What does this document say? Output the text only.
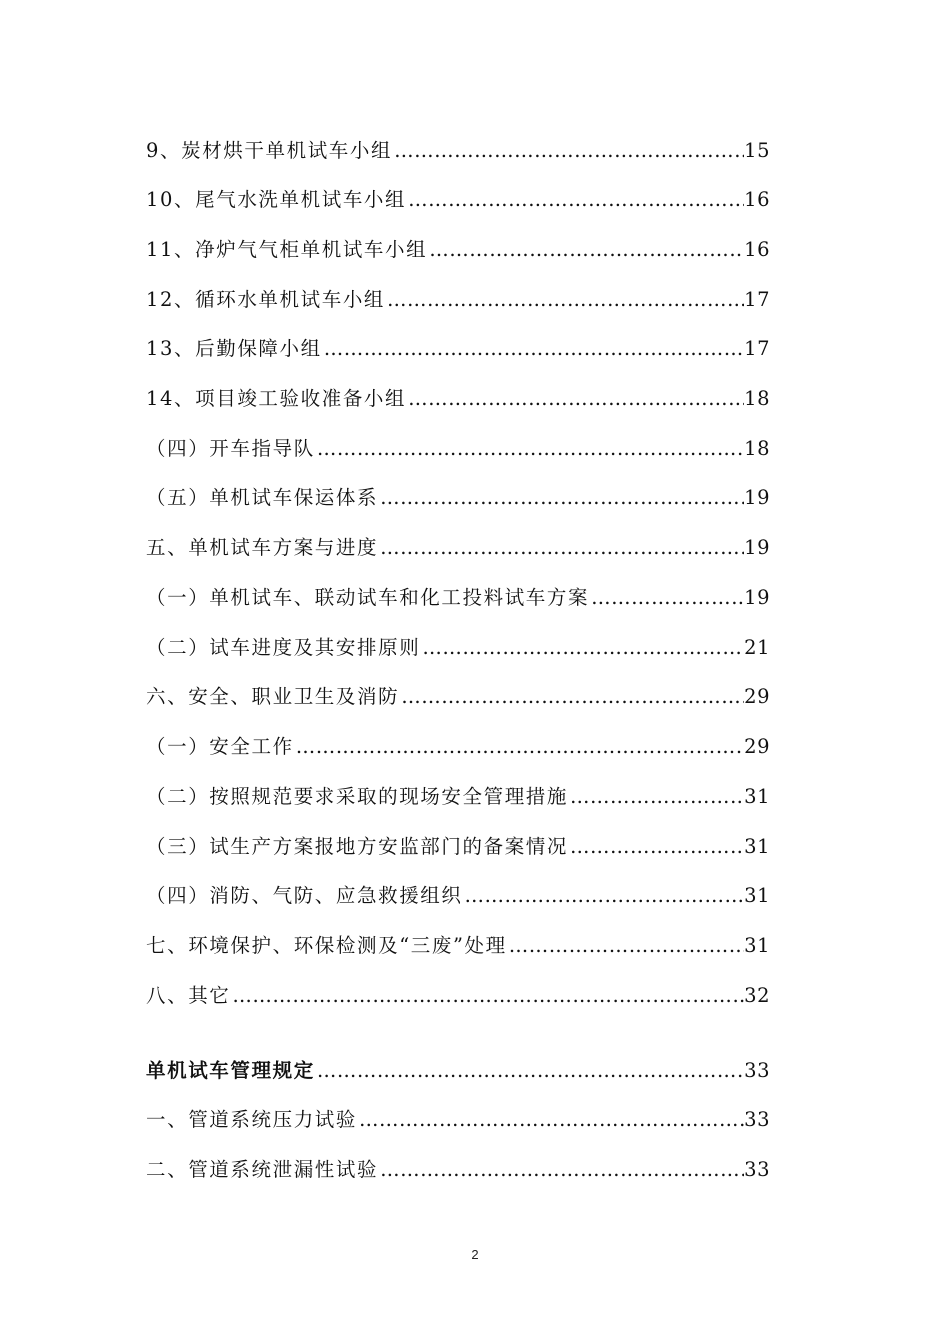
9、炭材烘干单机试车小组 ……………………………………………………………………………………………………………………………………	15
10、尾气水洗单机试车小组 ……………………………………………………………………………………………………………………………………	16
11、净炉气气柜单机试车小组 ……………………………………………………………………………………………………………………………………	16
12、循环水单机试车小组 ……………………………………………………………………………………………………………………………………	17
13、后勤保障小组 ……………………………………………………………………………………………………………………………………	17
14、项目竣工验收准备小组 ……………………………………………………………………………………………………………………………………	18
（四）开车指导队 ……………………………………………………………………………………………………………………………………	18
（五）单机试车保运体系 ……………………………………………………………………………………………………………………………………	19
五、单机试车方案与进度 ……………………………………………………………………………………………………………………………………	19
（一）单机试车、联动试车和化工投料试车方案 ……………………………………………………………………………………………………………………………………	19
（二）试车进度及其安排原则 ……………………………………………………………………………………………………………………………………	21
六、安全、职业卫生及消防 ……………………………………………………………………………………………………………………………………	29
（一）安全工作 ……………………………………………………………………………………………………………………………………	29
（二）按照规范要求采取的现场安全管理措施 ……………………………………………………………………………………………………………………………………	31
（三）试生产方案报地方安监部门的备案情况 ……………………………………………………………………………………………………………………………………	31
（四）消防、气防、应急救援组织 ……………………………………………………………………………………………………………………………………	31
七、环境保护、环保检测及“三废”处理 ……………………………………………………………………………………………………………………………………	31
八、其它 ……………………………………………………………………………………………………………………………………	32
单机试车管理规定 ……………………………………………………………………………………………………………………………………	33
一、管道系统压力试验 ……………………………………………………………………………………………………………………………………	33
二、管道系统泄漏性试验 ……………………………………………………………………………………………………………………………………	33
2
